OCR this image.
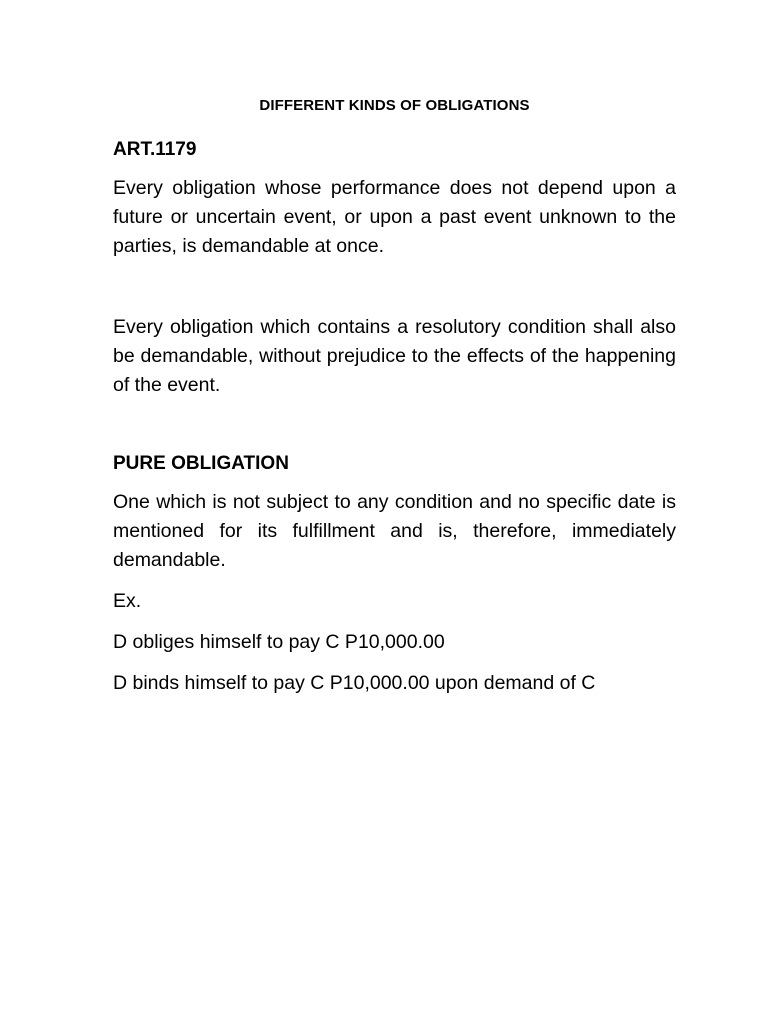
DIFFERENT KINDS OF OBLIGATIONS
ART.1179

Every obligation whose performance does not depend upon a future or uncertain event, or upon a past event unknown to the parties, is demandable at once.

Every obligation which contains a resolutory condition shall also be demandable, without prejudice to the effects of the happening of the event.

PURE OBLIGATION

One which is not subject to any condition and no specific date is mentioned for its fulfillment and is, therefore, immediately demandable.

Ex.

D obliges himself to pay C P10,000.00

D binds himself to pay C P10,000.00 upon demand of C
